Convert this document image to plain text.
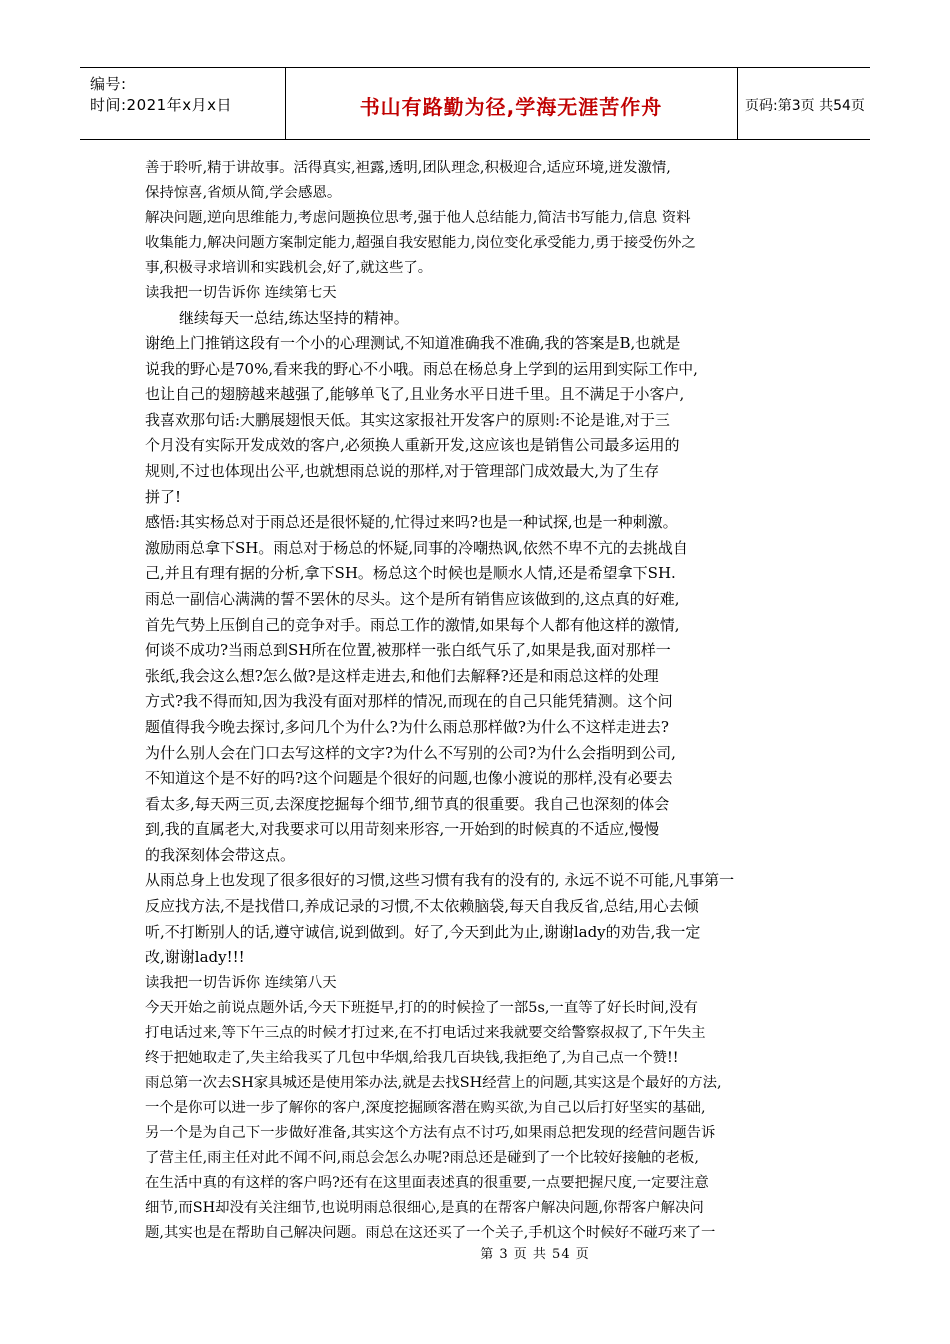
编号:
时间:2021年x月x日	书山有路勤为径,学海无涯苦作舟	页码:第3页 共54页
善于聆听,精于讲故事。活得真实,袒露,透明,团队理念,积极迎合,适应环境,迸发激情,
保持惊喜,省烦从简,学会感恩。
解决问题,逆向思维能力,考虑问题换位思考,强于他人总结能力,简洁书写能力,信息 资料
收集能力,解决问题方案制定能力,超强自我安慰能力,岗位变化承受能力,勇于接受伤外之
事,积极寻求培训和实践机会,好了,就这些了。
读我把一切告诉你 连续第七天
继续每天一总结,练达坚持的精神。
谢绝上门推销这段有一个小的心理测试,不知道准确我不准确,我的答案是B,也就是
说我的野心是70%,看来我的野心不小哦。雨总在杨总身上学到的运用到实际工作中,
也让自己的翅膀越来越强了,能够单飞了,且业务水平日进千里。且不满足于小客户,
我喜欢那句话:大鹏展翅恨天低。其实这家报社开发客户的原则:不论是谁,对于三
个月没有实际开发成效的客户,必须换人重新开发,这应该也是销售公司最多运用的
规则,不过也体现出公平,也就想雨总说的那样,对于管理部门成效最大,为了生存
拼了!
感悟:其实杨总对于雨总还是很怀疑的,忙得过来吗?也是一种试探,也是一种刺激。
激励雨总拿下SH。雨总对于杨总的怀疑,同事的冷嘲热讽,依然不卑不亢的去挑战自
己,并且有理有据的分析,拿下SH。杨总这个时候也是顺水人情,还是希望拿下SH.
雨总一副信心满满的誓不罢休的尽头。这个是所有销售应该做到的,这点真的好难,
首先气势上压倒自己的竞争对手。雨总工作的激情,如果每个人都有他这样的激情,
何谈不成功?当雨总到SH所在位置,被那样一张白纸气乐了,如果是我,面对那样一
张纸,我会这么想?怎么做?是这样走进去,和他们去解释?还是和雨总这样的处理
方式?我不得而知,因为我没有面对那样的情况,而现在的自己只能凭猜测。这个问
题值得我今晚去探讨,多问几个为什么?为什么雨总那样做?为什么不这样走进去?
为什么别人会在门口去写这样的文字?为什么不写别的公司?为什么会指明到公司,
不知道这个是不好的吗?这个问题是个很好的问题,也像小渡说的那样,没有必要去
看太多,每天两三页,去深度挖掘每个细节,细节真的很重要。我自己也深刻的体会
到,我的直属老大,对我要求可以用苛刻来形容,一开始到的时候真的不适应,慢慢
的我深刻体会带这点。
从雨总身上也发现了很多很好的习惯,这些习惯有我有的没有的, 永远不说不可能,凡事第一
反应找方法,不是找借口,养成记录的习惯,不太依赖脑袋,每天自我反省,总结,用心去倾
听,不打断别人的话,遵守诚信,说到做到。好了,今天到此为止,谢谢lady的劝告,我一定
改,谢谢lady!!!
读我把一切告诉你 连续第八天
今天开始之前说点题外话,今天下班挺早,打的的时候捡了一部5s,一直等了好长时间,没有
打电话过来,等下午三点的时候才打过来,在不打电话过来我就要交给警察叔叔了,下午失主
终于把她取走了,失主给我买了几包中华烟,给我几百块钱,我拒绝了,为自己点一个赞!!
雨总第一次去SH家具城还是使用笨办法,就是去找SH经营上的问题,其实这是个最好的方法,
一个是你可以进一步了解你的客户,深度挖掘顾客潜在购买欲,为自己以后打好坚实的基础,
另一个是为自己下一步做好准备,其实这个方法有点不讨巧,如果雨总把发现的经营问题告诉
了营主任,雨主任对此不闻不问,雨总会怎么办呢?雨总还是碰到了一个比较好接触的老板,
在生活中真的有这样的客户吗?还有在这里面表述真的很重要,一点要把握尺度,一定要注意
细节,而SH却没有关注细节,也说明雨总很细心,是真的在帮客户解决问题,你帮客户解决问
题,其实也是在帮助自己解决问题。雨总在这还买了一个关子,手机这个时候好不碰巧来了一
第 3 页 共 54 页
